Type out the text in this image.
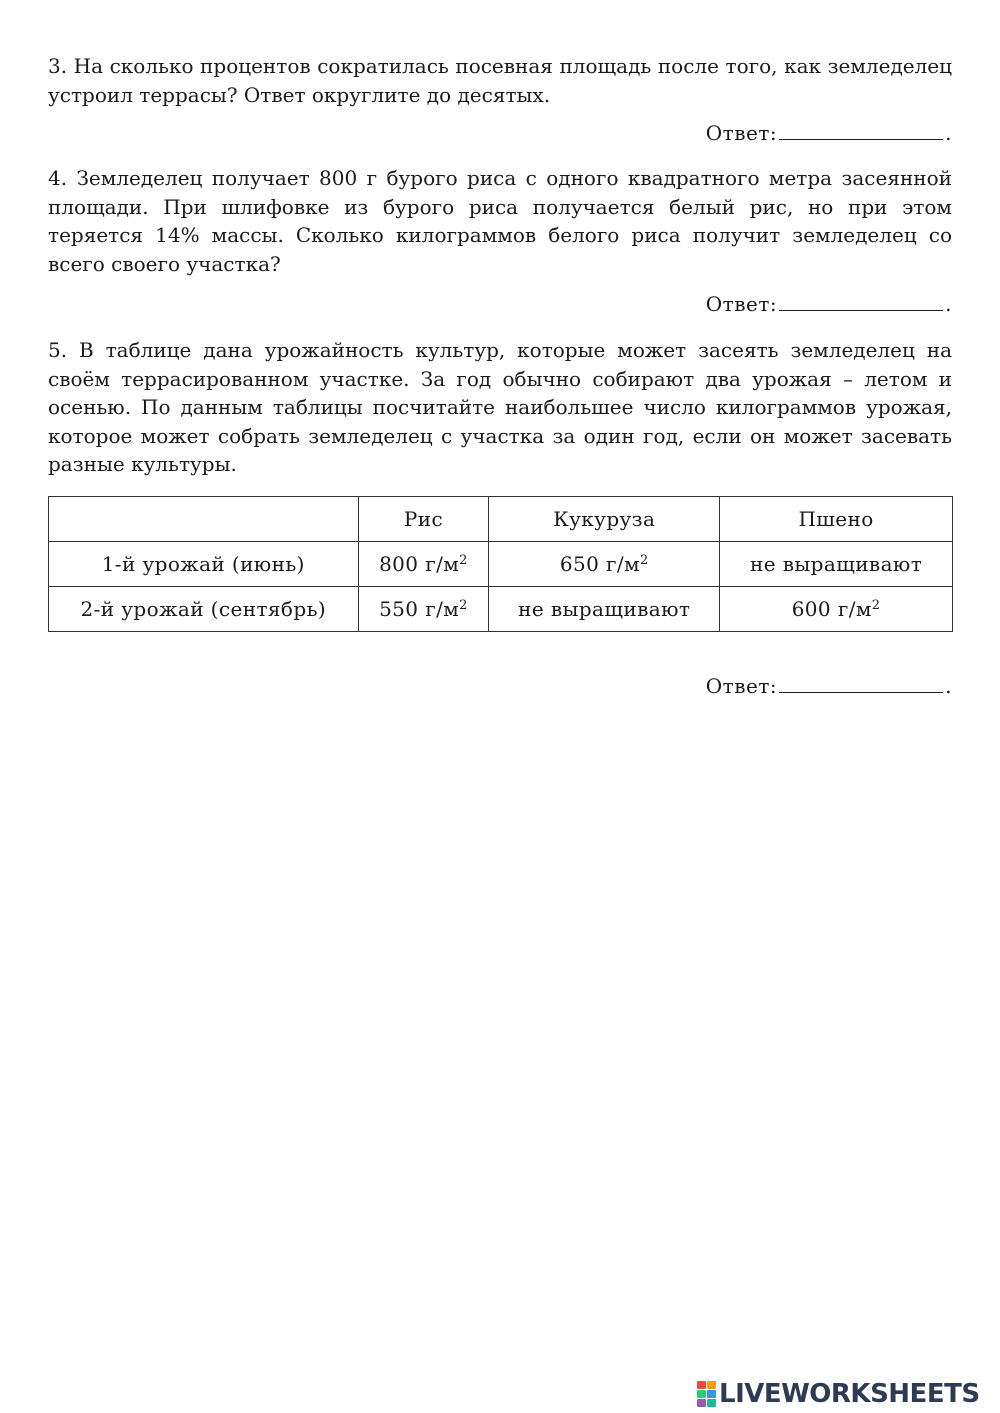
3. На сколько процентов сократилась посевная площадь после того, как земледелец устроил террасы? Ответ округлите до десятых.

Ответ:	.

4. Земледелец получает 800 г бурого риса с одного квадратного метра засеянной площади. При шлифовке из бурого риса получается белый рис, но при этом теряется 14% массы. Сколько килограммов белого риса получит земледелец со всего своего участка?

Ответ:	.

5. В таблице дана урожайность культур, которые может засеять земледелец на своём террасированном участке. За год обычно собирают два урожая – летом и осенью. По данным таблицы посчитайте наибольшее число килограммов урожая, которое может собрать земледелец с участка за один год, если он может засевать разные культуры.

	Рис	Кукуруза	Пшено
1-й урожай (июнь)	800 $г/м^2$	650 $г/м^2$	не выращивают
2-й урожай (сентябрь)	550 $г/м^2$	не выращивают	600 $г/м^2$
Ответ:	.
LIVEWORKSHEETS
